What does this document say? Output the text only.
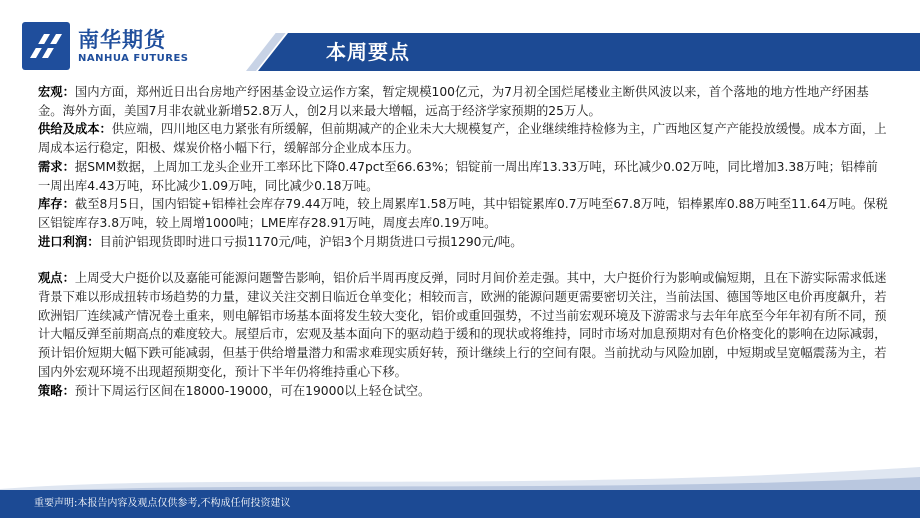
南华期货
NANHUA FUTURES	本周要点

宏观：国内方面，郑州近日出台房地产纾困基金设立运作方案，暂定规模100亿元，为7月初全国烂尾楼业主断供风波以来，首个落地的地方性地产纾困基金。海外方面，美国7月非农就业新增52.8万人，创2月以来最大增幅，远高于经济学家预期的25万人。

供给及成本：供应端，四川地区电力紧张有所缓解，但前期减产的企业未大大规模复产，企业继续维持检修为主，广西地区复产产能投放缓慢。成本方面，上周成本运行稳定，阳极、煤炭价格小幅下行，缓解部分企业成本压力。

需求：据SMM数据，上周加工龙头企业开工率环比下降0.47pct至66.63%；铝锭前一周出库13.33万吨，环比减少0.02万吨，同比增加3.38万吨；铝棒前一周出库4.43万吨，环比减少1.09万吨，同比减少0.18万吨。

库存：截至8月5日，国内铝锭+铝棒社会库存79.44万吨，较上周累库1.58万吨，其中铝锭累库0.7万吨至67.8万吨，铝棒累库0.88万吨至11.64万吨。保税区铝锭库存3.8万吨，较上周增1000吨；LME库存28.91万吨，周度去库0.19万吨。

进口利润：目前沪铝现货即时进口亏损1170元/吨，沪铝3个月期货进口亏损1290元/吨。

观点：上周受大户挺价以及嘉能可能源问题警告影响，铝价后半周再度反弹，同时月间价差走强。其中，大户挺价行为影响或偏短期，且在下游实际需求低迷背景下难以形成扭转市场趋势的力量，建议关注交割日临近仓单变化；相较而言，欧洲的能源问题更需要密切关注，当前法国、德国等地区电价再度飙升，若欧洲铝厂连续减产情况卷土重来，则电解铝市场基本面将发生较大变化，铝价或重回强势，不过当前宏观环境及下游需求与去年年底至今年年初有所不同，预计大幅反弹至前期高点的难度较大。展望后市，宏观及基本面向下的驱动趋于缓和的现状或将维持，同时市场对加息预期对有色价格变化的影响在边际减弱，预计铝价短期大幅下跌可能减弱，但基于供给增量潜力和需求难现实质好转，预计继续上行的空间有限。当前扰动与风险加剧，中短期或呈宽幅震荡为主，若国内外宏观环境不出现超预期变化，预计下半年仍将维持重心下移。

策略：预计下周运行区间在18000-19000，可在19000以上轻仓试空。

重要声明:本报告内容及观点仅供参考,不构成任何投资建议
